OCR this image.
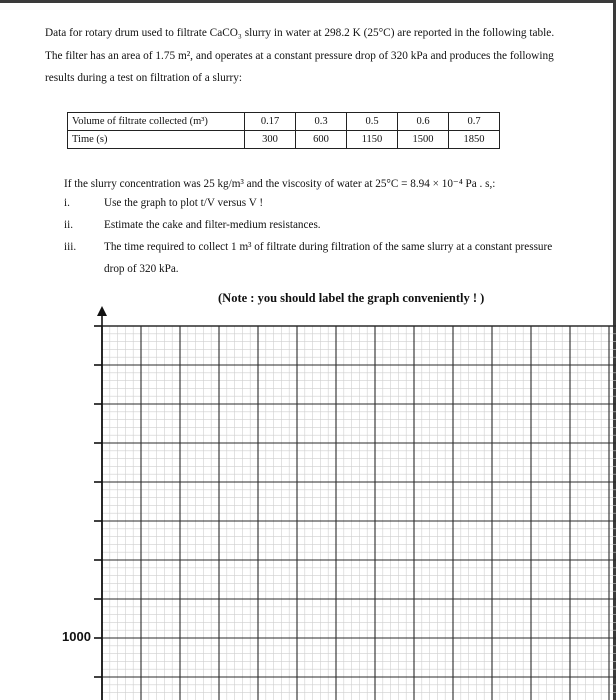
Data for rotary drum used to filtrate CaCO₃ slurry in water at 298.2 K (25°C) are reported in the following table.

The filter has an area of 1.75 m², and operates at a constant pressure drop of 320 kPa and produces the following

results during a test on filtration of a slurry:

Volume of filtrate collected (m³)	0.17	0.3	0.5	0.6	0.7
Time (s)	300	600	1150	1500	1850
If the slurry concentration was 25 kg/m³ and the viscosity of water at 25°C = 8.94 × 10⁻⁴ Pa . s,:
i.	Use the graph to plot t/V versus V !
ii.	Estimate the cake and filter-medium resistances.
iii.	The time required to collect 1 m³ of filtrate during filtration of the same slurry at a constant pressure
drop of 320 kPa.
(Note : you should label the graph conveniently ! )
1000
